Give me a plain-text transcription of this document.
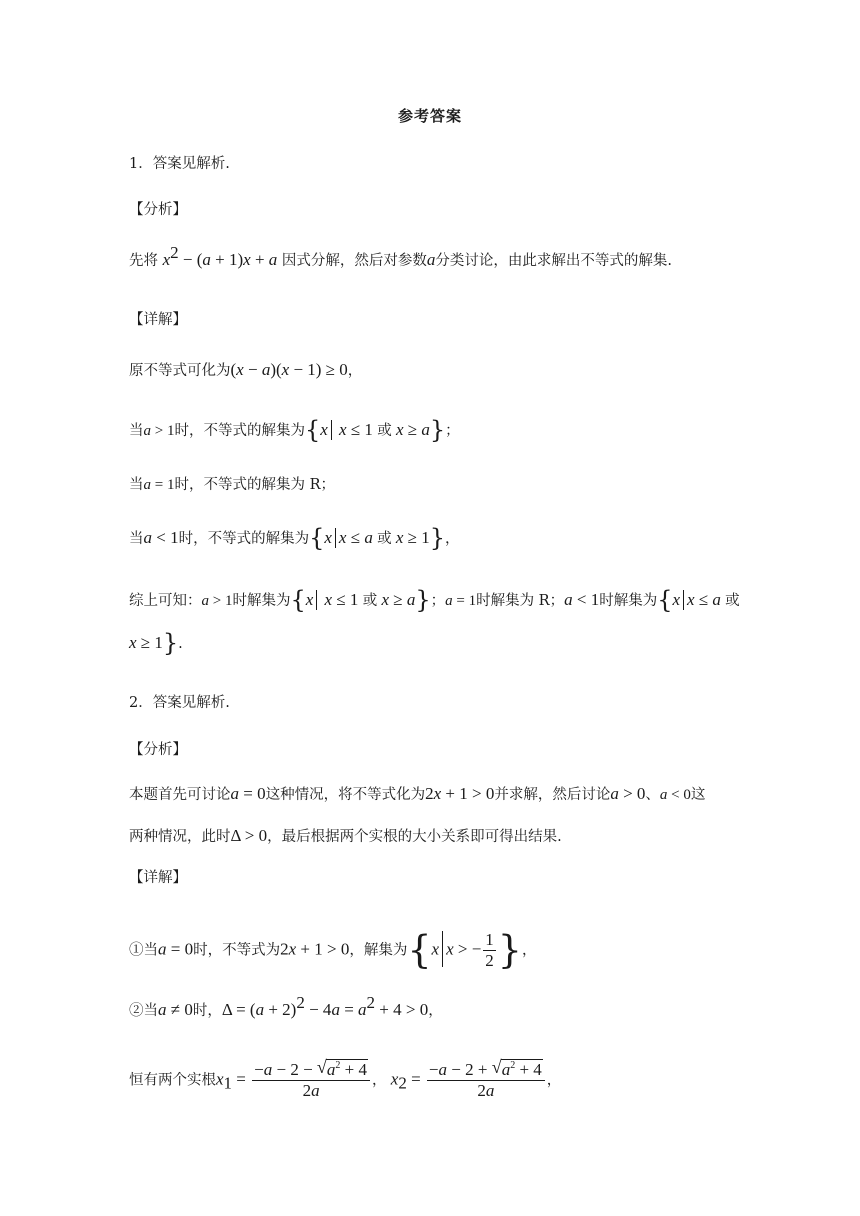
参考答案
1．答案见解析.
【分析】
先将 $x^2 - (a + 1)x + a$ 因式分解，然后对参数a分类讨论，由此求解出不等式的解集.
【详解】
原不等式可化为(x − a)(x − 1) ≥ 0，
当a > 1时，不等式的解集为{x x ≤ 1 或 x ≥ a}；
当a = 1时，不等式的解集为 R；
当a < 1时，不等式的解集为{x x ≤ a 或 x ≥ 1}，
综上可知：a > 1时解集为{x x ≤ 1 或 x ≥ a}；a = 1时解集为 R；a < 1时解集为{x x ≤ a 或
x ≥ 1}.
2．答案见解析.
【分析】
本题首先可讨论a = 0这种情况，将不等式化为2x + 1 > 0并求解，然后讨论a > 0、a < 0这
两种情况，此时Δ > 0，最后根据两个实根的大小关系即可得出结果.
【详解】
①当a = 0时，不等式为2x + 1 > 0，解集为{x x > − $\frac{1}{2}$ }，
②当a ≠ 0时，$\Delta = (a + 2)^2 - 4a = a^2 + 4 > 0$，
恒有两个实根$x_1 = \frac{-a - 2 - √ a^2 + 4}{2a}$ ， $x_2 = \frac{-a - 2 + √ a^2 + 4}{2a}$ ，
